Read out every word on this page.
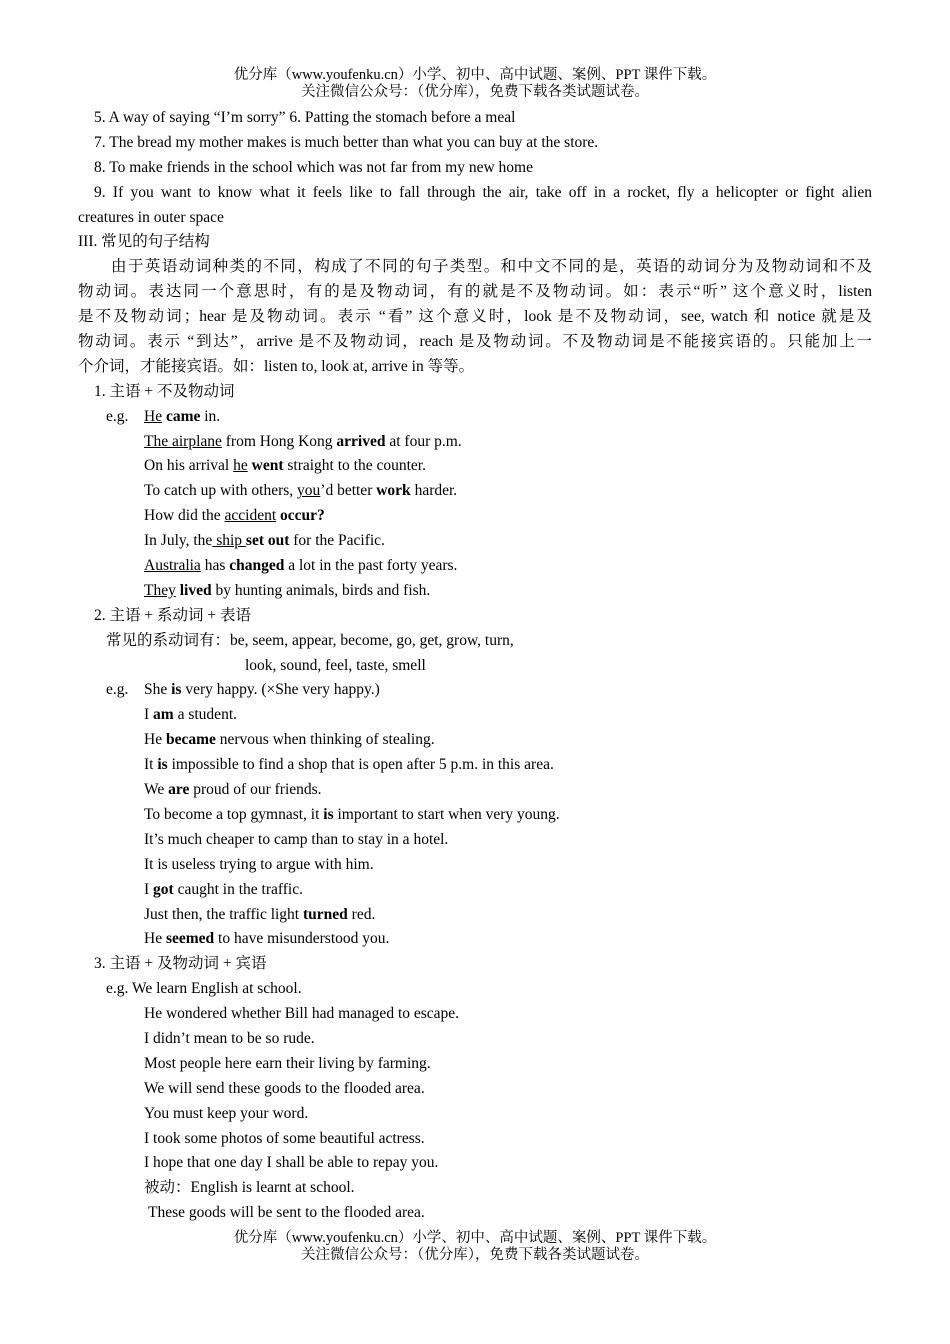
优分库（www.youfenku.cn）小学、初中、高中试题、案例、PPT 课件下载。
关注微信公众号：（优分库），免费下载各类试题试卷。
5. A way of saying “I’m sorry” 6. Patting the stomach before a meal
7. The bread my mother makes is much better than what you can buy at the store.
8. To make friends in the school which was not far from my new home
9. If you want to know what it feels like to fall through the air, take off in a rocket, fly a helicopter or fight alien
creatures in outer space
III. 常见的句子结构
由于英语动词种类的不同，构成了不同的句子类型。和中文不同的是，英语的动词分为及物动词和不及
物动词。表达同一个意思时，有的是及物动词，有的就是不及物动词。如：表示“听” 这个意义时，listen
是不及物动词；hear 是及物动词。表示 “看” 这个意义时，look 是不及物动词，see, watch 和 notice 就是及
物动词。表示 “到达”，arrive 是不及物动词，reach 是及物动词。不及物动词是不能接宾语的。只能加上一
个介词，才能接宾语。如：listen to, look at, arrive in 等等。
1. 主语 + 不及物动词
e.g. He came in.
The airplane from Hong Kong arrived at four p.m.
On his arrival he went straight to the counter.
To catch up with others, you’d better work harder.
How did the accident occur?
In July, the ship set out for the Pacific.
Australia has changed a lot in the past forty years.
They lived by hunting animals, birds and fish.
2. 主语 + 系动词 + 表语
常见的系动词有：be, seem, appear, become, go, get, grow, turn,
look, sound, feel, taste, smell
e.g. She is very happy. (×She very happy.)
I am a student.
He became nervous when thinking of stealing.
It is impossible to find a shop that is open after 5 p.m. in this area.
We are proud of our friends.
To become a top gymnast, it is important to start when very young.
It’s much cheaper to camp than to stay in a hotel.
It is useless trying to argue with him.
I got caught in the traffic.
Just then, the traffic light turned red.
He seemed to have misunderstood you.
3. 主语 + 及物动词 + 宾语
e.g. We learn English at school.
He wondered whether Bill had managed to escape.
I didn’t mean to be so rude.
Most people here earn their living by farming.
We will send these goods to the flooded area.
You must keep your word.
I took some photos of some beautiful actress.
I hope that one day I shall be able to repay you.
被动：English is learnt at school.
These goods will be sent to the flooded area.
优分库（www.youfenku.cn）小学、初中、高中试题、案例、PPT 课件下载。
关注微信公众号：（优分库），免费下载各类试题试卷。
